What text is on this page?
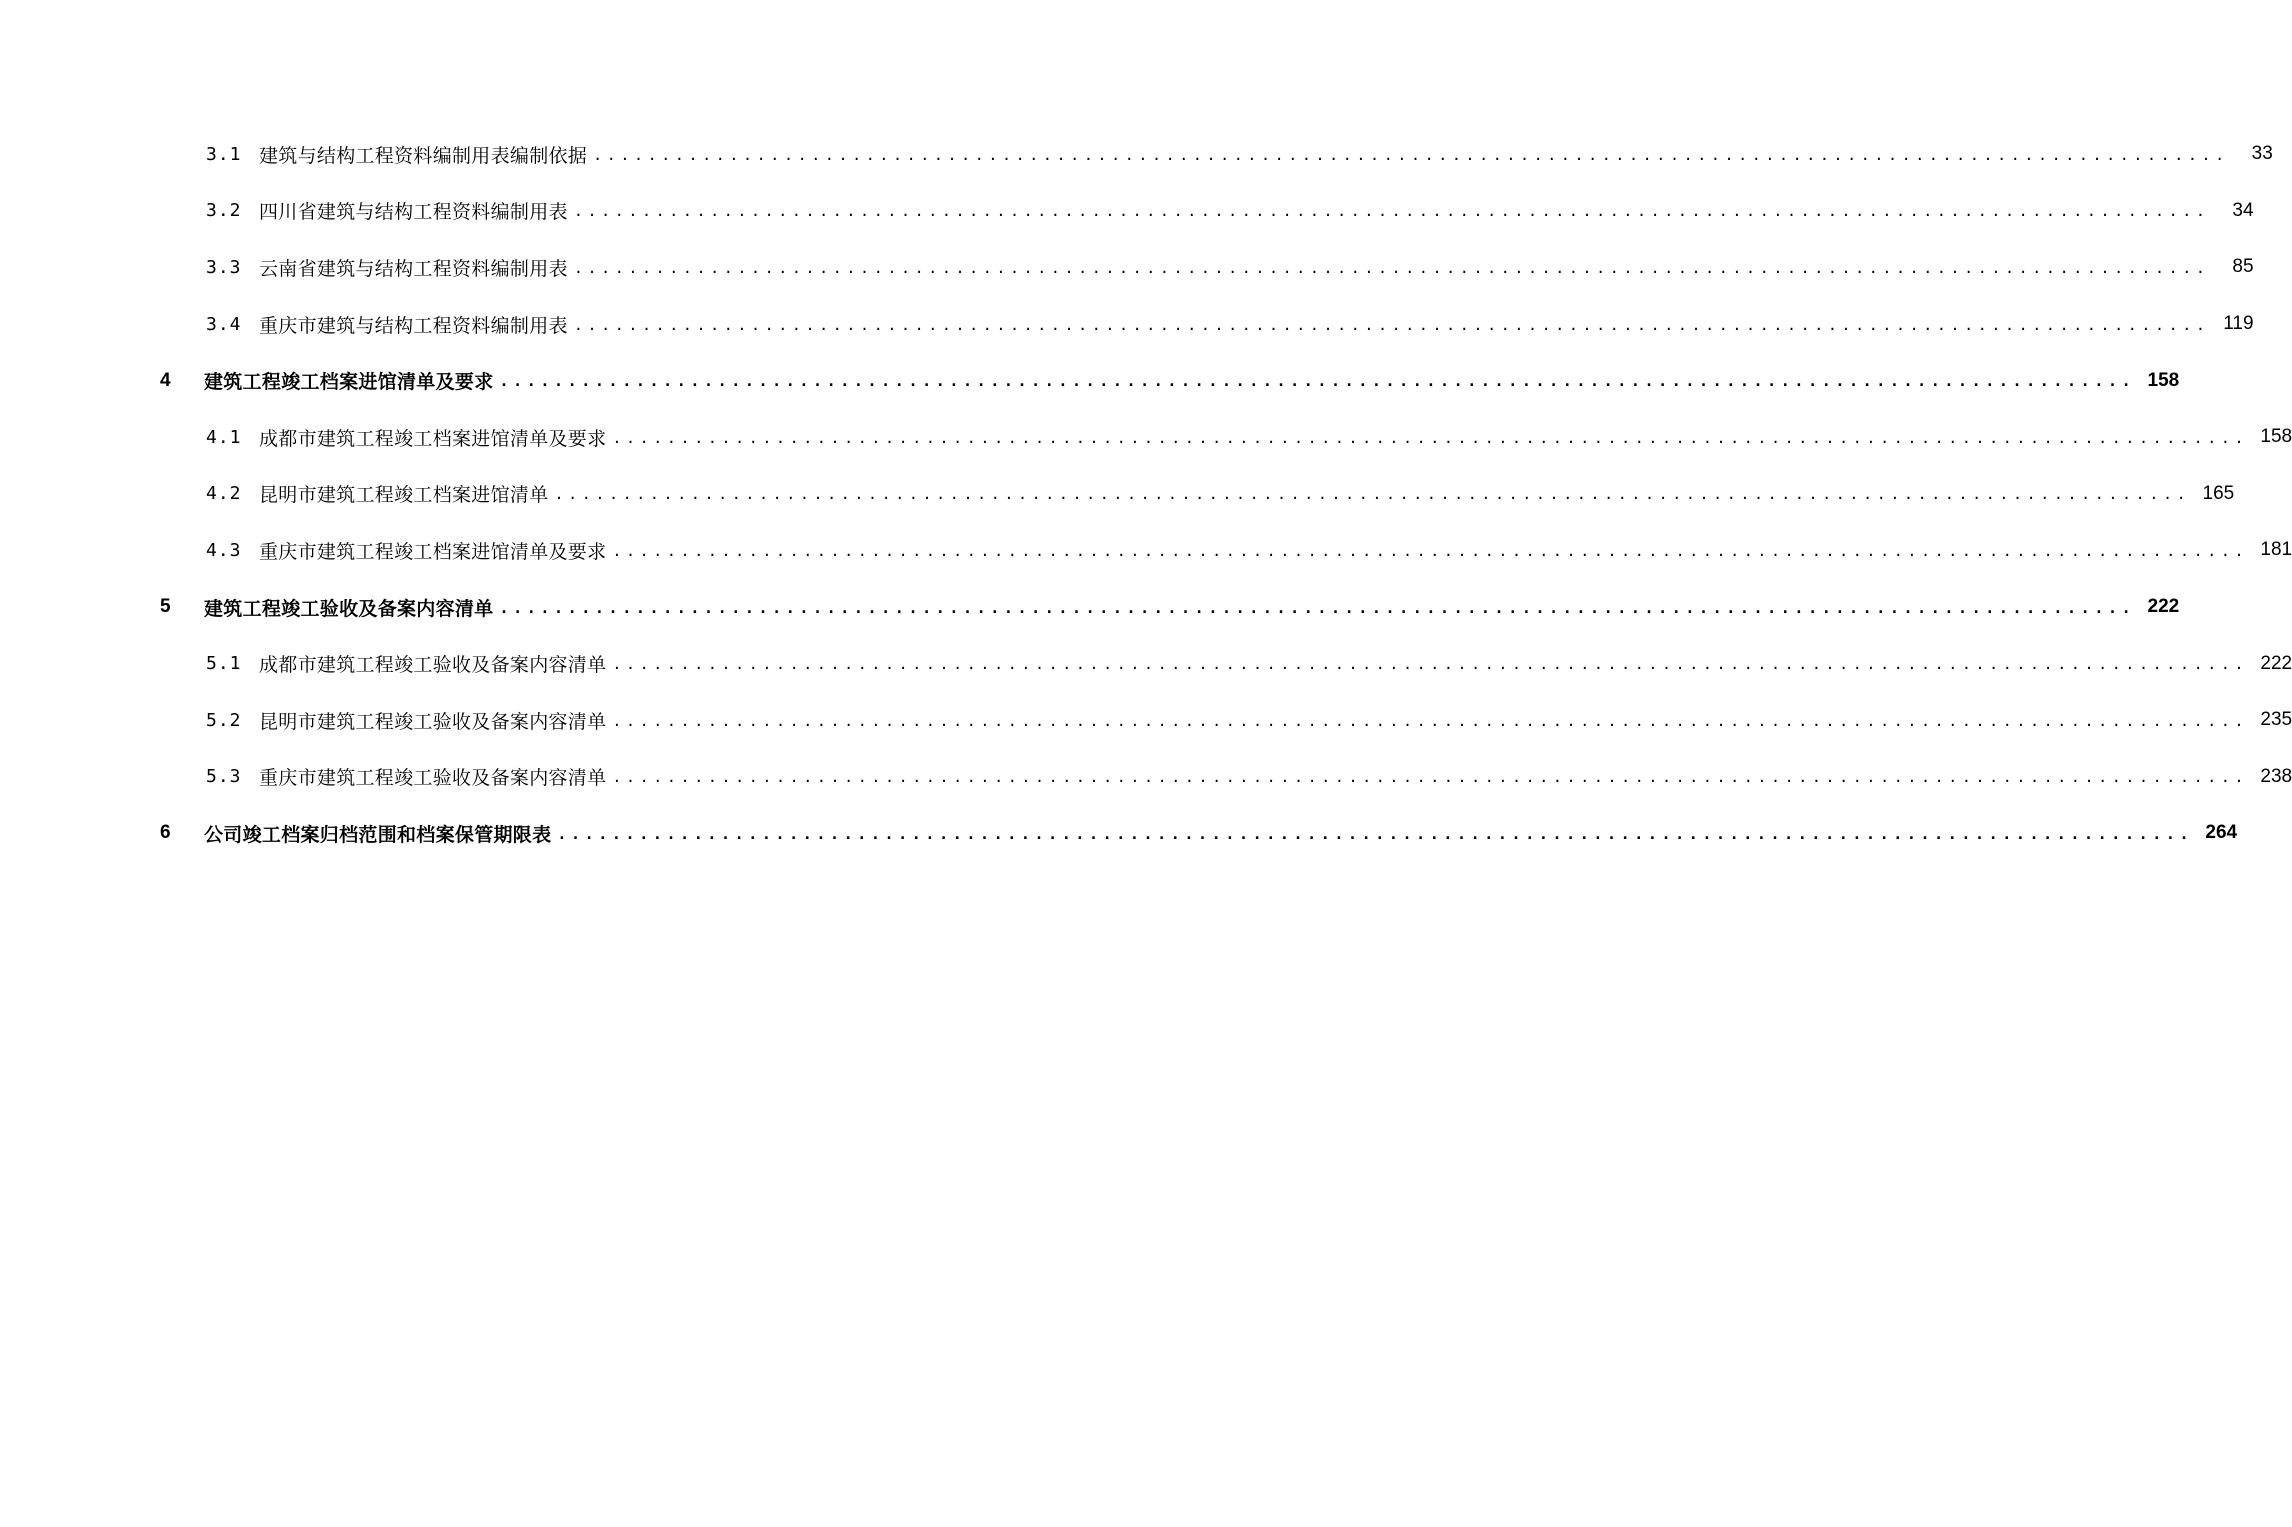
3.1 建筑与结构工程资料编制用表编制依据 ........................................................................................................................	33
3.2 四川省建筑与结构工程资料编制用表 ........................................................................................................................	34
3.3 云南省建筑与结构工程资料编制用表 ........................................................................................................................	85
3.4 重庆市建筑与结构工程资料编制用表 ........................................................................................................................ 119
4	建筑工程竣工档案进馆清单及要求 ........................................................................................................................ 158
4.1 成都市建筑工程竣工档案进馆清单及要求 ........................................................................................................................ 158
4.2 昆明市建筑工程竣工档案进馆清单 ........................................................................................................................ 165
4.3 重庆市建筑工程竣工档案进馆清单及要求 ........................................................................................................................ 181
5	建筑工程竣工验收及备案内容清单 ........................................................................................................................ 222
5.1 成都市建筑工程竣工验收及备案内容清单 ........................................................................................................................ 222
5.2 昆明市建筑工程竣工验收及备案内容清单 ........................................................................................................................ 235
5.3 重庆市建筑工程竣工验收及备案内容清单 ........................................................................................................................ 238
6	公司竣工档案归档范围和档案保管期限表 ........................................................................................................................ 264
